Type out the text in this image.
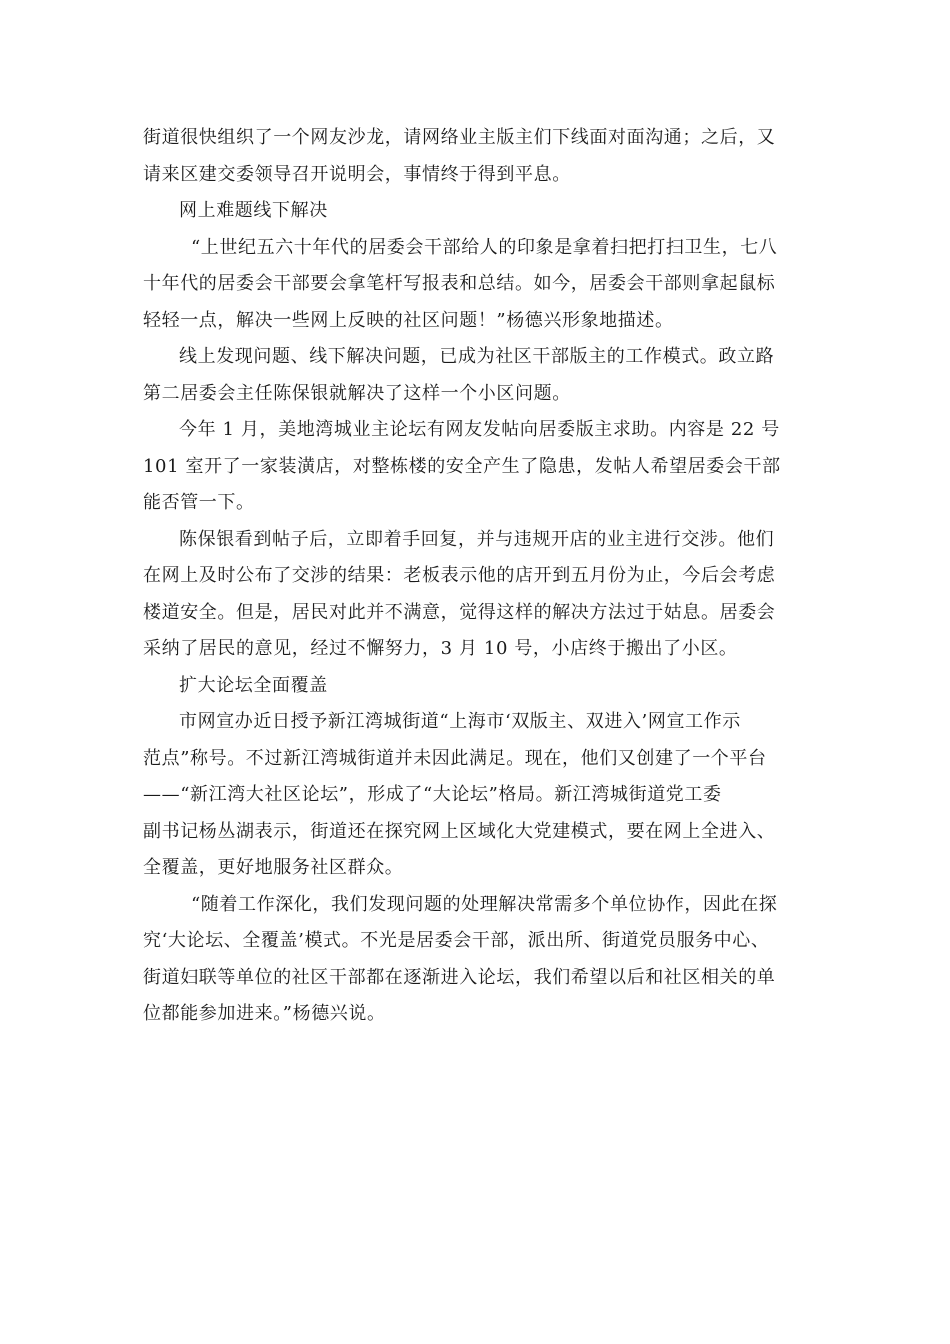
街道很快组织了一个网友沙龙，请网络业主版主们下线面对面沟通；之后，又
请来区建交委领导召开说明会，事情终于得到平息。
网上难题线下解决
“上世纪五六十年代的居委会干部给人的印象是拿着扫把打扫卫生，七八
十年代的居委会干部要会拿笔杆写报表和总结。如今，居委会干部则拿起鼠标
轻轻一点，解决一些网上反映的社区问题！”杨德兴形象地描述。
线上发现问题、线下解决问题，已成为社区干部版主的工作模式。政立路
第二居委会主任陈保银就解决了这样一个小区问题。
今年 1 月，美地湾城业主论坛有网友发帖向居委版主求助。内容是 22 号
101 室开了一家装潢店，对整栋楼的安全产生了隐患，发帖人希望居委会干部
能否管一下。
陈保银看到帖子后，立即着手回复，并与违规开店的业主进行交涉。他们
在网上及时公布了交涉的结果：老板表示他的店开到五月份为止，今后会考虑
楼道安全。但是，居民对此并不满意，觉得这样的解决方法过于姑息。居委会
采纳了居民的意见，经过不懈努力，3 月 10 号，小店终于搬出了小区。
扩大论坛全面覆盖
市网宣办近日授予新江湾城街道“上海市‘双版主、双进入’网宣工作示
范点”称号。不过新江湾城街道并未因此满足。现在，他们又创建了一个平台
——“新江湾大社区论坛”，形成了“大论坛”格局。新江湾城街道党工委
副书记杨丛湖表示，街道还在探究网上区域化大党建模式，要在网上全进入、
全覆盖，更好地服务社区群众。
“随着工作深化，我们发现问题的处理解决常需多个单位协作，因此在探
究‘大论坛、全覆盖’模式。不光是居委会干部，派出所、街道党员服务中心、
街道妇联等单位的社区干部都在逐渐进入论坛，我们希望以后和社区相关的单
位都能参加进来。”杨德兴说。
